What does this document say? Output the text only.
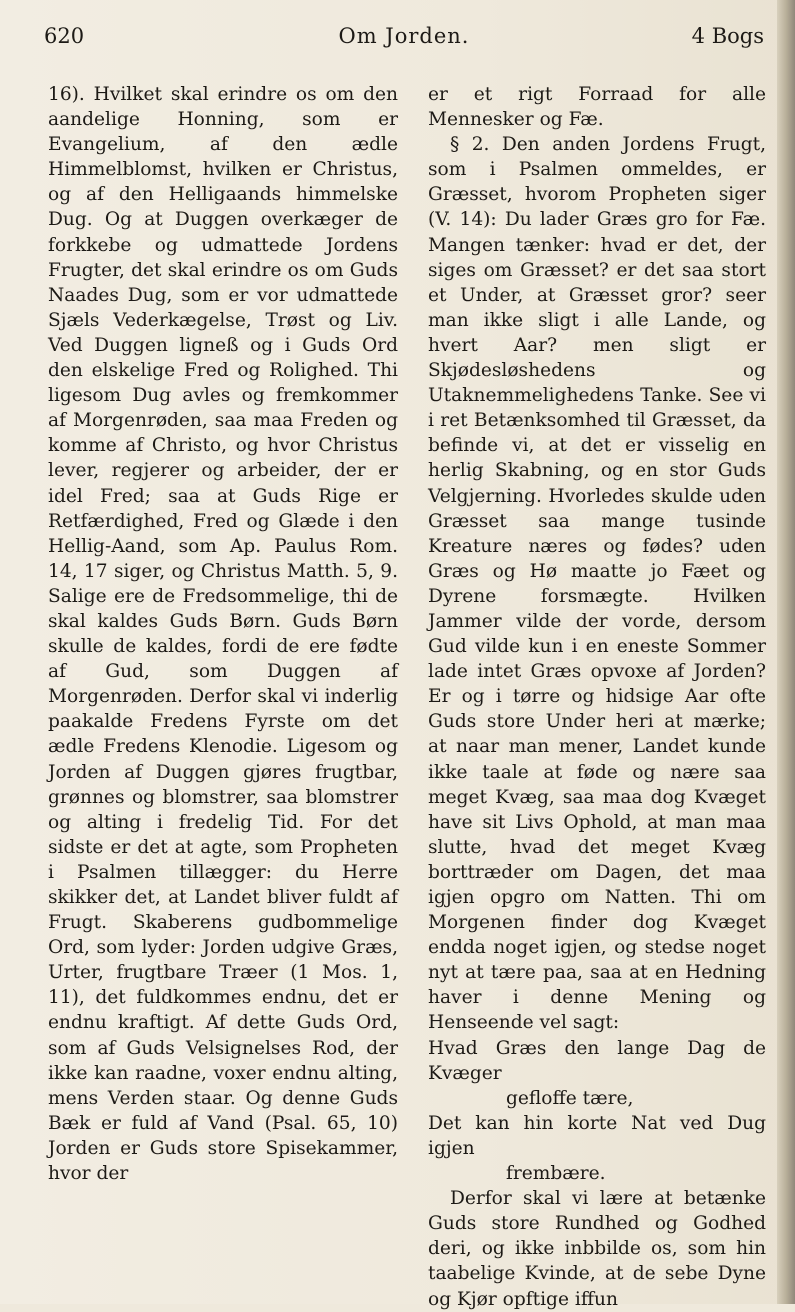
620	Om Jorden.	4 Bogs

16). Hvilket skal erindre os om den aandelige Honning, som er Evangelium, af den ædle Himmelblomst, hvilken er Christus, og af den Helligaands himmelske Dug. Og at Duggen overkæger de forkkebe og udmattede Jordens Frugter, det skal erindre os om Guds Naades Dug, som er vor udmattede Sjæls Vederkægelse, Trøst og Liv. Ved Duggen ligneß og i Guds Ord den elskelige Fred og Rolighed. Thi ligesom Dug avles og fremkommer af Morgenrøden, saa maa Freden og komme af Christo, og hvor Christus lever, regjerer og arbeider, der er idel Fred; saa at Guds Rige er Retfærdighed, Fred og Glæde i den Hellig-Aand, som Ap. Paulus Rom. 14, 17 siger, og Christus Matth. 5, 9. Salige ere de Fredsommelige, thi de skal kaldes Guds Børn. Guds Børn skulle de kaldes, fordi de ere fødte af Gud, som Duggen af Morgenrøden. Derfor skal vi inderlig paakalde Fredens Fyrste om det ædle Fredens Klenodie. Ligesom og Jorden af Duggen gjøres frugtbar, grønnes og blomstrer, saa blomstrer og alting i fredelig Tid. For det sidste er det at agte, som Propheten i Psalmen tillægger: du Herre skikker det, at Landet bliver fuldt af Frugt. Skaberens gudbommelige Ord, som lyder: Jorden udgive Græs, Urter, frugtbare Træer (1 Mos. 1, 11), det fuldkommes endnu, det er endnu kraftigt. Af dette Guds Ord, som af Guds Velsignelses Rod, der ikke kan raadne, voxer endnu alting, mens Verden staar. Og denne Guds Bæk er fuld af Vand (Psal. 65, 10) Jorden er Guds store Spisekammer, hvor der

er et rigt Forraad for alle Mennesker og Fæ.

§ 2. Den anden Jordens Frugt, som i Psalmen ommeldes, er Græsset, hvorom Propheten siger (V. 14): Du lader Græs gro for Fæ. Mangen tænker: hvad er det, der siges om Græsset? er det saa stort et Under, at Græsset gror? seer man ikke sligt i alle Lande, og hvert Aar? men sligt er Skjødesløshedens og Utaknemmelighedens Tanke. See vi i ret Betænksomhed til Græsset, da befinde vi, at det er visselig en herlig Skabning, og en stor Guds Velgjerning. Hvorledes skulde uden Græsset saa mange tusinde Kreature næres og fødes? uden Græs og Hø maatte jo Fæet og Dyrene forsmægte. Hvilken Jammer vilde der vorde, dersom Gud vilde kun i en eneste Sommer lade intet Græs opvoxe af Jorden? Er og i tørre og hidsige Aar ofte Guds store Under heri at mærke; at naar man mener, Landet kunde ikke taale at føde og nære saa meget Kvæg, saa maa dog Kvæget have sit Livs Ophold, at man maa slutte, hvad det meget Kvæg borttræder om Dagen, det maa igjen opgro om Natten. Thi om Morgenen finder dog Kvæget endda noget igjen, og stedse noget nyt at tære paa, saa at en Hedning haver i denne Mening og Henseende vel sagt:

Hvad Græs den lange Dag de Kvæger
gefloffe tære,
Det kan hin korte Nat ved Dug igjen
frembære.

Derfor skal vi lære at betænke Guds store Rundhed og Godhed deri, og ikke inbbilde os, som hin taabelige Kvinde, at de sebe Dyne og Kjør opftige iffun
